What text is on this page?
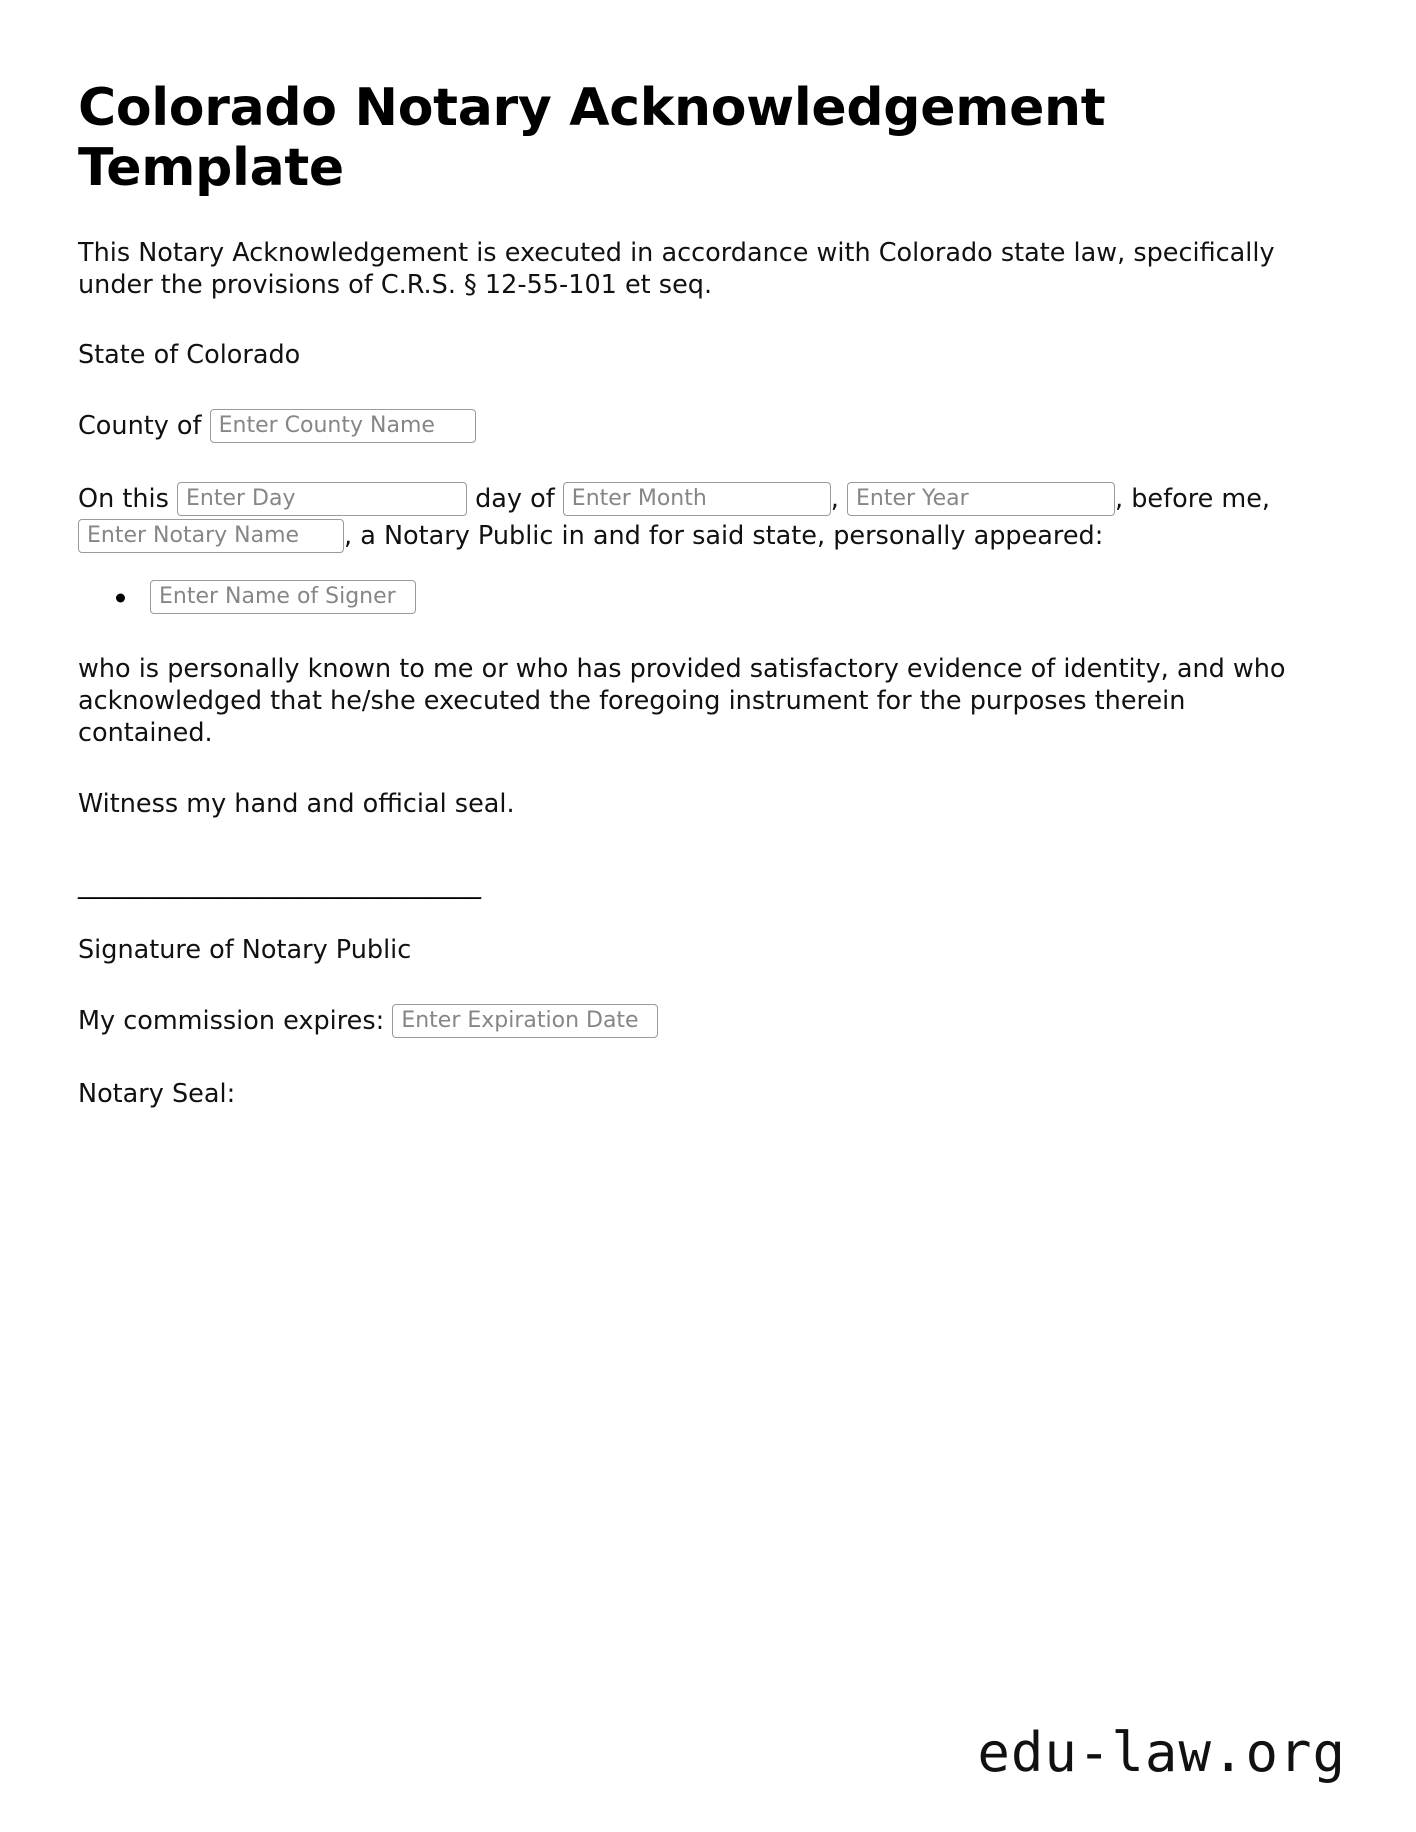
Colorado Notary Acknowledgement Template

This Notary Acknowledgement is executed in accordance with Colorado state law, specifically under the provisions of C.R.S. § 12-55-101 et seq.

State of Colorado

County of Enter County Name
On this Enter Day	day of Enter Month	, Enter Year	, before me, Enter Notary Name, a Notary Public in and for said state, personally appeared:
Enter Name of Signer

who is personally known to me or who has provided satisfactory evidence of identity, and who acknowledged that he/she executed the foregoing instrument for the purposes therein contained.

Witness my hand and official seal.

_______________________________

Signature of Notary Public

My commission expires: Enter Expiration Date

Notary Seal:

edu-law.org
